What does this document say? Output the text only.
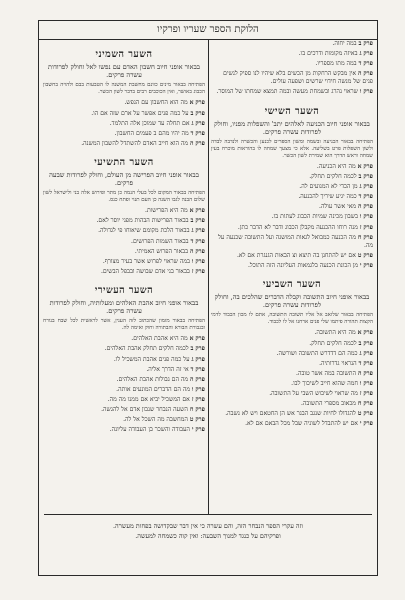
הלוקת הספר שעריו ופרקיו
פרק ב במה יחוה.
פרק ג באיזה מקומות ודרכים בו.
פרק ד במה מתו מספריו.
פרק ה אין מבקש הרחקות מן הכשים בלא שיהיו לנו ספיק לנשים פנים של מנשה חידוי שרשים ושפעה עולים.
פרק ו שראוי נהרג ובשמחת מעשה ובמה תמצא שמחתו של המוסר.
השער השישי
בבאור אופני חיוב הכניעה לאלהים יתב' והשפלות מפניו, וחולק לפרודות עשרה פרקים.
הפתיחה בבאור הכניעה ובשמה ומשון הספרים לכנען והכשרה ולנדבה לבדה ולשון השפלות פרט בשליעה. אלא כי מצעך שמחה לו בהוראות מוכרח בעין שמחה וראש הדרך הוא שמירת לשון הכשר.
פרק א מה היא הכניעה.
פרק ב לכמה חלקים תחלק.
פרק ג מן הכדי לא המנועים לה.
פרק ד כמה יגיע שיריך להכנעה.
פרק ה מאי אשר עולה.
פרק ו בשבון מכינה שמיות הכבוג לעתות בו.
פרק ז מנה רוחו ההכנעה מקבלן הכבוג ודבר לא הדבר כתן.
פרק ח מה הכנעה כמבואל לגאות המושגה ועל התשובה שכנעה על מה.
פרק ט אם יש להתחנן בה תיצא וצ הבאות הגנגרת אם לא.
פרק י מן הכונת הכנעה בלגמאות העליונה הזה התוכל.
השער השביעי
בבאור אופני חיוב התשובה וקבלה הדברים שהלכים בה, וחולק לפרודות עשרה פרקים.
הפתיחה בבאור שלזאב אל אליו תשובה התשובה, אתם לו מכון הכבוד לדמי הקצות תהורה פיתמו שלי פנים ארחנו אל לו לכבוד.
פרק א מה היא התשובה.
פרק ב לכמה חלקים תחלק.
פרק ג כמה הם דדדרש התשובה ושורשה.
פרק ד הנראוי גדרותיה.
פרק ה התשובה במה אשר טובה.
פרק ו חמה שהוא חייב לשיכוך לבו.
פרק ז מה שראוי לשיבוש השבי על התשובה.
פרק ח מכאוב מספרי התשובה.
פרק ט להגדולו לחיות שנגב הבגר אש הן החטאם ויש לא נשבה.
פרק י אם יש להתבדל לשוניה שבל מכל הבאם אם לא.
השער השמיני
בבאור אופני חיוב חשבון האדם עם נפשו לאל וחולק לפרודות עשרה פרקים.
הפתיחה בבאור מינים כוונם מחשבת המשנה לו הטבעות בבם ולהויה בחשבון הכבוג באושר, ואין הכוכבים רבים בדבר לשון הכשר.
פרק א מה הוא החשבון עם הנפש.
פרק ב על כמה פנים אפשר על ארם שזה אם הו.
פרק ג אם תחלה עד שמוכן אלה התלמד.
פרק ד מה יהיו מהם ב פעמים החשבון.
פרק ה מה הוא חייב האדם להשתדל להשבון המשנה.
השער התשיעי
בבאור אופני חיוב הפרישה מן העולם, וחולק לפרודות שבעה פרקים.
הפתיחה בבאור המקום לכל בעלי הנמה כן מתר ופירוש אלה בני ולישראל לשון שלום הבנה לגבו השנה כן העם תנוי ופתח כנס.
פרק א מה היא הפרישות.
פרק ב בבאור הפרישות הבהות מפני יוסר לאם.
פרק ג בבאור הלכת מקומם שיאוחו פי לגדולה.
פרק ד בבאור השמות הפרושים.
פרק ה בבאור הפרוש האמיתי.
פרק ו במה שראוי לפרוש אשר בעיר מצורף.
פרק ז בבאור בני אדם שבושה ובבפל הבשים.
השער העשירי
בבאור אופני חיוב אהבת האלהים ומעלותיה, וחולק לפרודות עשרה פרקים.
הפתיחה בבאור מזמון שהכתוב לזה הענין, אשר לראשית לכל שבח בנורח ובגבורת הבורא והבתורה וחוק ואימה לה.
פרק א מה היא אהבת האלהים.
פרק ב לכמה חלקים תחלק אהבת האלהים.
פרק ג על כמה פנים אהבת המשכיל לו.
פרק ד אי זה הדרך אליה.
פרק ה מה הם גבולות אהבת האלהים.
פרק ו מה הם הדברים המונעים אותה.
פרק ז אם המשכיל יביא אם ממנו מה מה.
פרק ח השעה הנבחר שנבון אדם אל להגשה.
פרק ט המחשבה מה השכל אל לה.
פרק י העבודה והשכר בן העבודה עליונה.
וזה עקרי הספר הנבחר הזה, והם עשרה כי אין דבר שבקדושה בפחות מעשרה.
ופרקיהם על כנגד למנוך השבעה: ואין קוה כשמחה למעשה.
